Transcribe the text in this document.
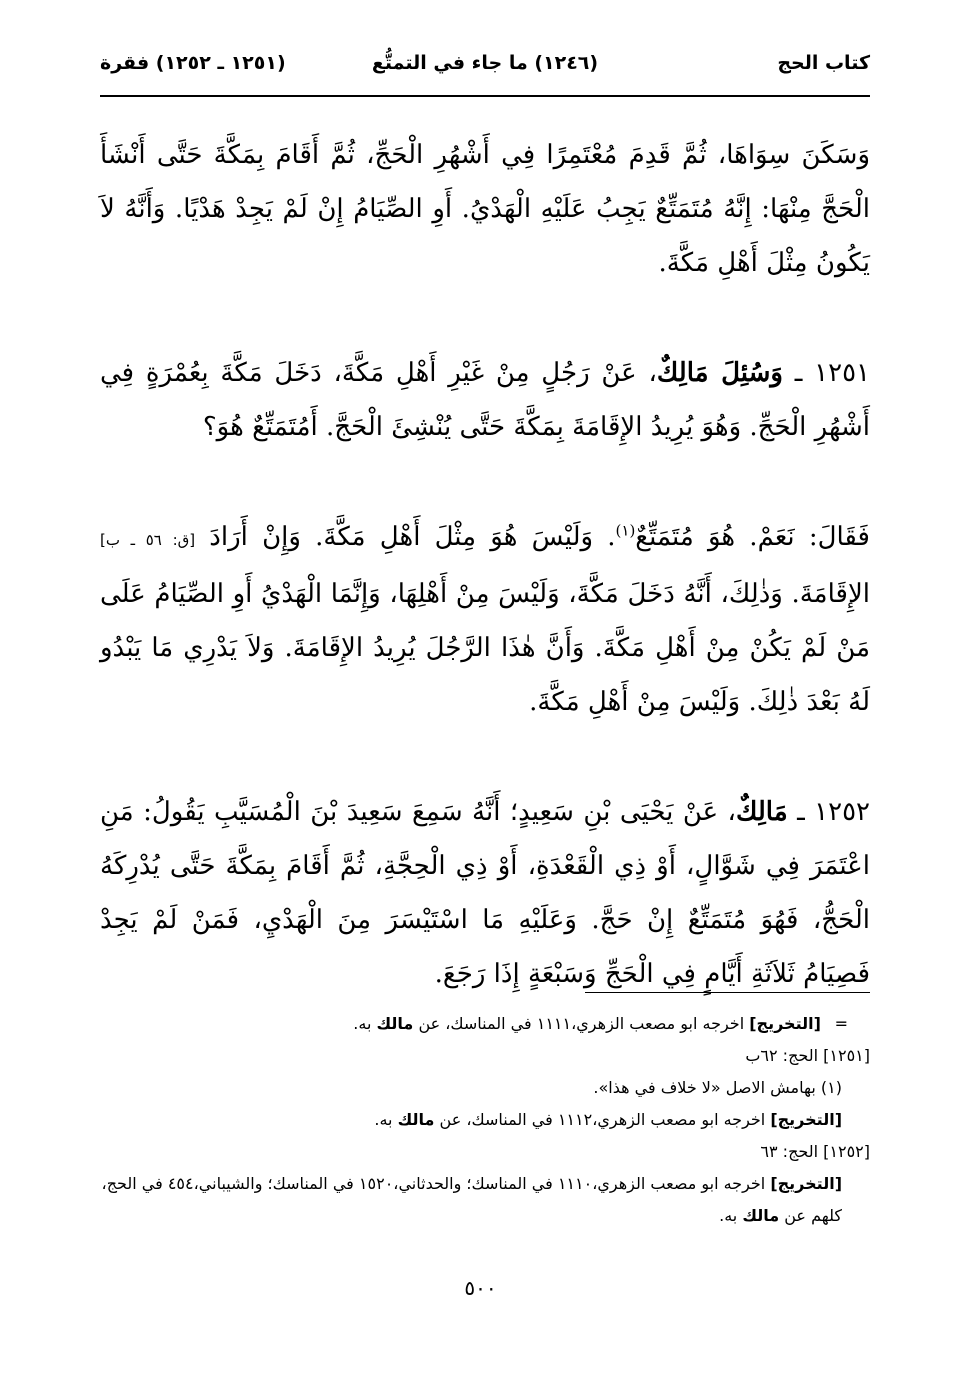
كتاب الحج
(١٢٤٦) ما جاء في التمتُّع
(١٢٥١ ـ ١٢٥٢) فقرة

وَسَكَنَ سِوَاهَا، ثُمَّ قَدِمَ مُعْتَمِرًا فِي أَشْهُرِ الْحَجِّ، ثُمَّ أَقَامَ بِمَكَّةَ حَتَّى أَنْشَأَ الْحَجَّ مِنْهَا: إِنَّهُ مُتَمَتِّعٌ يَجِبُ عَلَيْهِ الْهَدْيُ. أَوِ الصِّيَامُ إِنْ لَمْ يَجِدْ هَدْيًا. وَأَنَّهُ لاَ يَكُونُ مِثْلَ أَهْلِ مَكَّةَ.

١٢٥١ ـ وَسُئِلَ مَالِكٌ، عَنْ رَجُلٍ مِنْ غَيْرِ أَهْلِ مَكَّةَ، دَخَلَ مَكَّةَ بِعُمْرَةٍ فِي أَشْهُرِ الْحَجِّ. وَهُوَ يُرِيدُ الإِقَامَةَ بِمَكَّةَ حَتَّى يُنْشِئَ الْحَجَّ. أَمُتَمَتِّعٌ هُوَ؟

فَقَالَ: نَعَمْ. هُوَ مُتَمَتِّعٌ$^{(١)}$. وَلَيْسَ هُوَ مِثْلَ أَهْلِ مَكَّةَ. وَإِنْ أَرَادَ [ق: ٥٦ ـ ب] الإِقَامَةَ. وَذٰلِكَ، أَنَّهُ دَخَلَ مَكَّةَ، وَلَيْسَ مِنْ أَهْلِهَا، وَإِنَّمَا الْهَدْيُ أَوِ الصِّيَامُ عَلَى مَنْ لَمْ يَكُنْ مِنْ أَهْلِ مَكَّةَ. وَأَنَّ هٰذَا الرَّجُلَ يُرِيدُ الإِقَامَةَ. وَلاَ يَدْرِي مَا يَبْدُو لَهُ بَعْدَ ذٰلِكَ. وَلَيْسَ مِنْ أَهْلِ مَكَّةَ.

١٢٥٢ ـ مَالِكٌ، عَنْ يَحْيَى بْنِ سَعِيدٍ؛ أَنَّهُ سَمِعَ سَعِيدَ بْنَ الْمُسَيَّبِ يَقُولُ: مَنِ اعْتَمَرَ فِي شَوَّالٍ، أَوْ ذِي الْقَعْدَةِ، أَوْ ذِي الْحِجَّةِ، ثُمَّ أَقَامَ بِمَكَّةَ حَتَّى يُدْرِكَهُ الْحَجُّ، فَهُوَ مُتَمَتِّعٌ إِنْ حَجَّ. وَعَلَيْهِ مَا اسْتَيْسَرَ مِنَ الْهَدْيِ، فَمَنْ لَمْ يَجِدْ فَصِيَامُ ثَلاَثَةِ أَيَّامٍ فِي الْحَجِّ وَسَبْعَةٍ إِذَا رَجَعَ.

= [التخريج] اخرجه ابو مصعب الزهري،١١١١ في المناسك، عن مالك به.

[١٢٥١] الحج: ٦٢ب

(١) بهامش الاصل «لا خلاف في هذا».

[التخريج] اخرجه ابو مصعب الزهري،١١١٢ في المناسك، عن مالك به.

[١٢٥٢] الحج: ٦٣

[التخريج] اخرجه ابو مصعب الزهري،١١١٠ في المناسك؛ والحدثاني،١٥٢٠ في المناسك؛ والشيباني،٤٥٤ في الحج، كلهم عن مالك به.

٥٠٠
